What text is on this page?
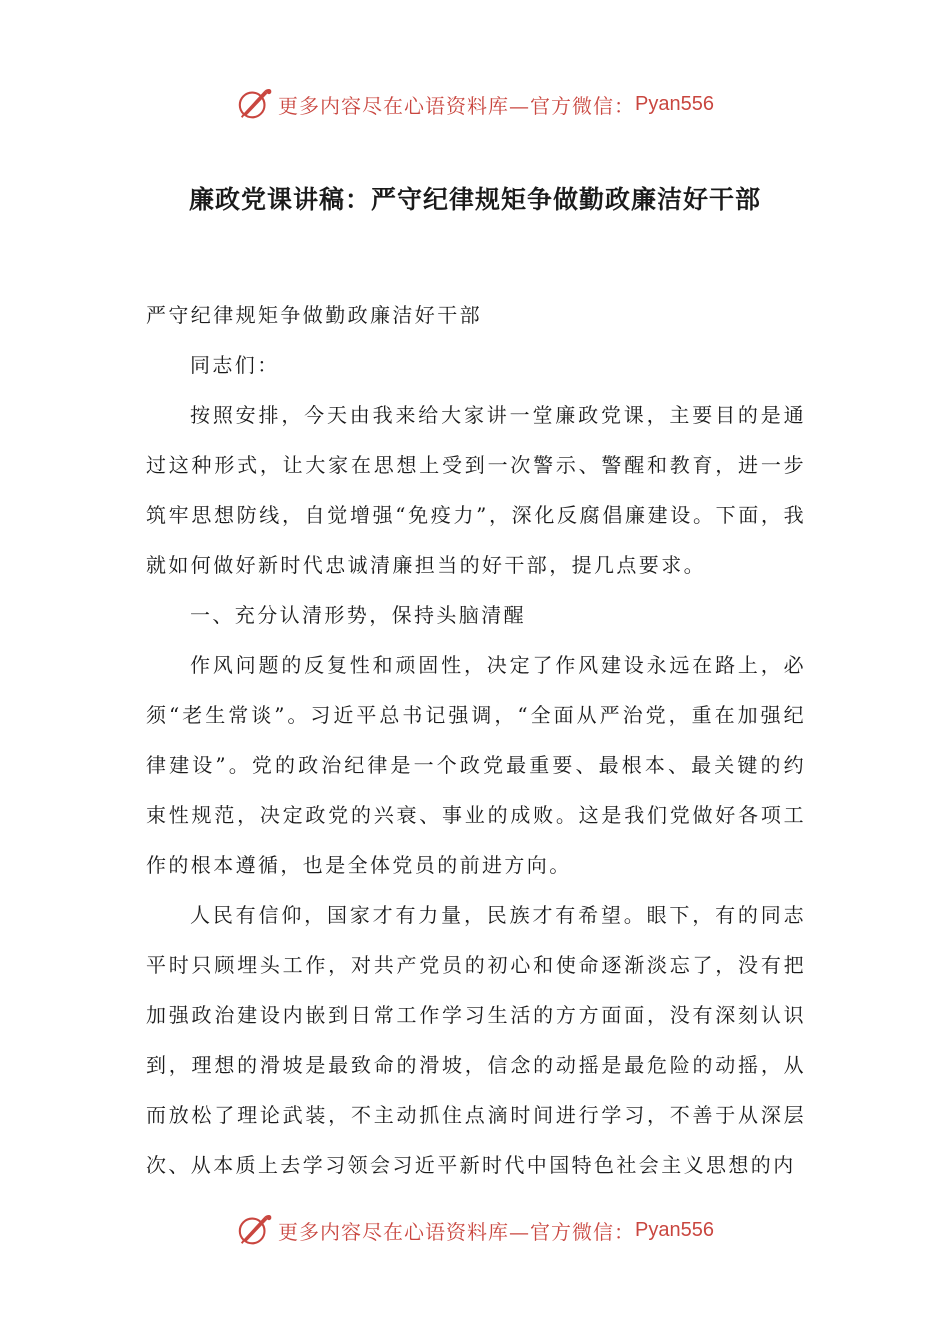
更多内容尽在心语资料库—官方微信： Pyan556
廉政党课讲稿：严守纪律规矩争做勤政廉洁好干部

严守纪律规矩争做勤政廉洁好干部

同志们：

按照安排，今天由我来给大家讲一堂廉政党课，主要目的是通过这种形式，让大家在思想上受到一次警示、警醒和教育，进一步筑牢思想防线，自觉增强“免疫力”，深化反腐倡廉建设。下面，我就如何做好新时代忠诚清廉担当的好干部，提几点要求。

一、充分认清形势，保持头脑清醒

作风问题的反复性和顽固性，决定了作风建设永远在路上，必须“老生常谈”。习近平总书记强调，“全面从严治党，重在加强纪律建设”。党的政治纪律是一个政党最重要、最根本、最关键的约束性规范，决定政党的兴衰、事业的成败。这是我们党做好各项工作的根本遵循，也是全体党员的前进方向。

人民有信仰，国家才有力量，民族才有希望。眼下，有的同志平时只顾埋头工作，对共产党员的初心和使命逐渐淡忘了，没有把加强政治建设内嵌到日常工作学习生活的方方面面，没有深刻认识到，理想的滑坡是最致命的滑坡，信念的动摇是最危险的动摇，从而放松了理论武装，不主动抓住点滴时间进行学习，不善于从深层次、从本质上去学习领会习近平新时代中国特色社会主义思想的内

更多内容尽在心语资料库—官方微信： Pyan556
